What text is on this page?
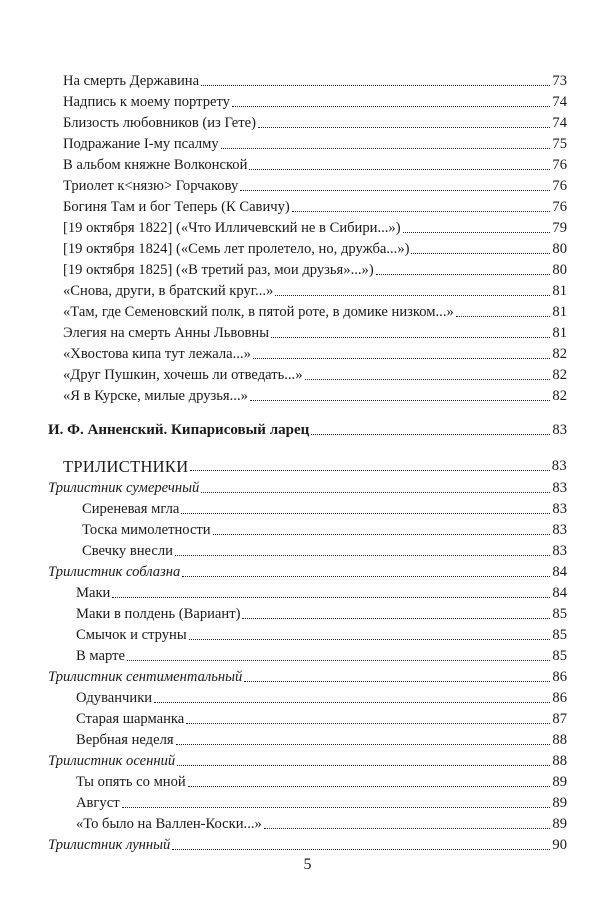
На смерть Державина	73
Надпись к моему портрету	74
Близость любовников (из Гете)	74
Подражание I-му псалму	75
В альбом княжне Волконской	76
Триолет к<нязю> Горчакову	76
Богиня Там и бог Теперь (К Савичу)	76
[19 октября 1822] («Что Илличевский не в Сибири...»)	79
[19 октября 1824] («Семь лет пролетело, но, дружба...»)	80
[19 октября 1825] («В третий раз, мои друзья»...»)	80
«Снова, други, в братский круг...»	81
«Там, где Семеновский полк, в пятой роте, в домике низком...»	81
Элегия на смерть Анны Львовны	81
«Хвостова кипа тут лежала...»	82
«Друг Пушкин, хочешь ли отведать...»	82
«Я в Курске, милые друзья...»	82
И. Ф. Анненский. Кипарисовый ларец	83
ТРИЛИСТНИКИ	83
Трилистник сумеречный	83
Сиреневая мгла	83
Тоска мимолетности	83
Свечку внесли	83
Трилистник соблазна	84
Маки	84
Маки в полдень (Вариант)	85
Смычок и струны	85
В марте	85
Трилистник сентиментальный	86
Одуванчики	86
Старая шарманка	87
Вербная неделя	88
Трилистник осенний	88
Ты опять со мной	89
Август	89
«То было на Валлен-Коски...»	89
Трилистник лунный	90
5
